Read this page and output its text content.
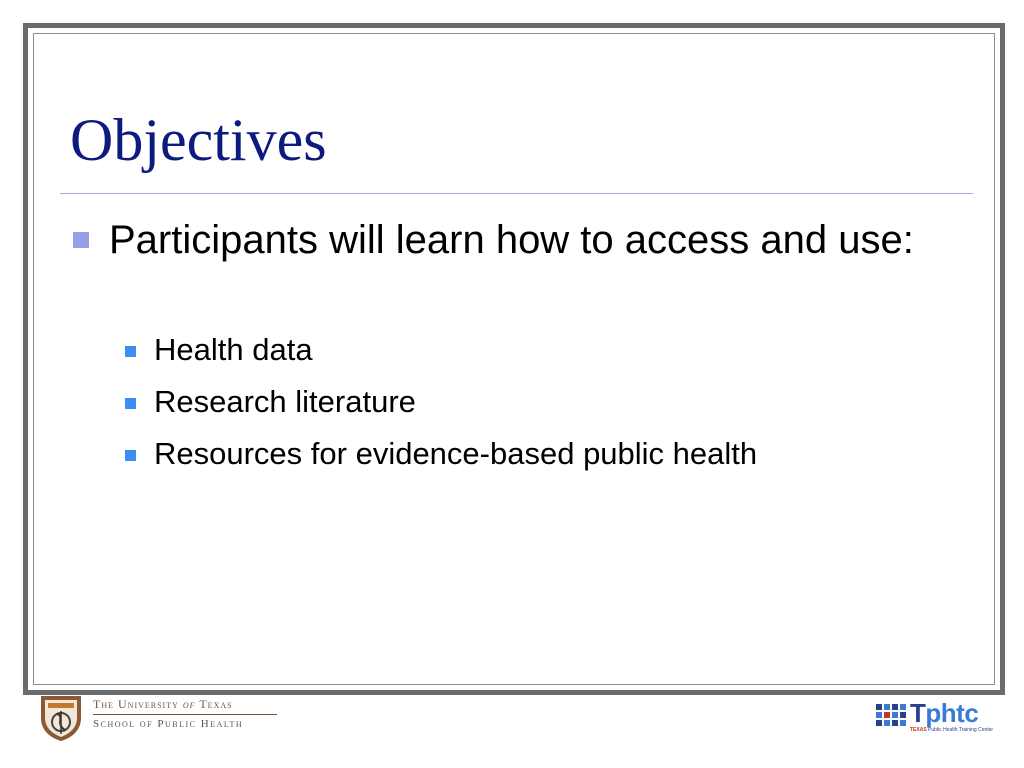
Objectives
Participants will learn how to access and use:
Health data
Research literature
Resources for evidence-based public health
The University of Texas
School of Public Health	Tphtc
TEXAS Public Health Training Center
